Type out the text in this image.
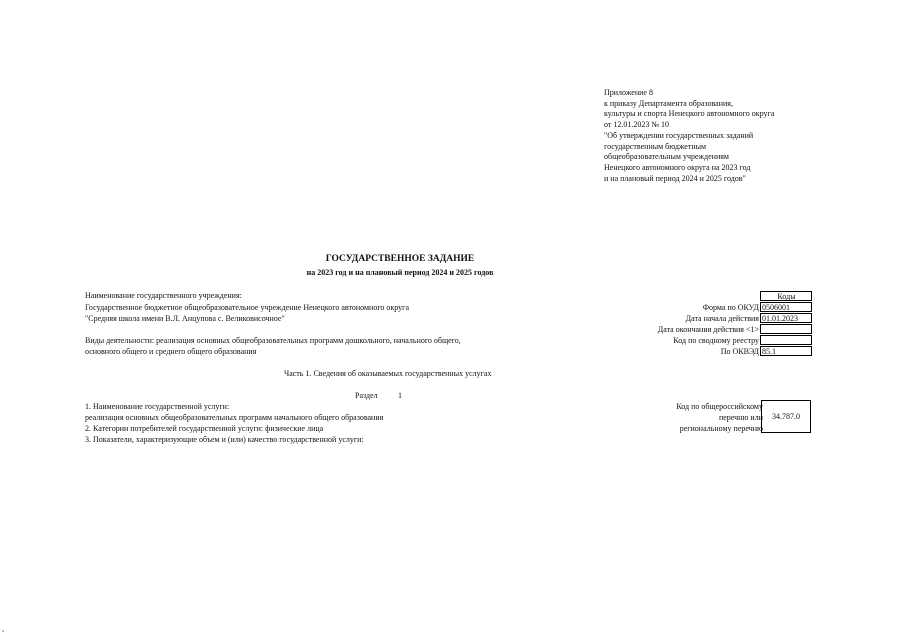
Приложение 8
к приказу Департамента образования,
культуры и спорта Ненецкого автономного округа
от 12.01.2023 № 10
"Об утверждении государственных заданий
государственным бюджетным
общеобразовательным учреждениям
Ненецкого автономного округа на 2023 год
и на плановый период 2024 и 2025 годов"
ГОСУДАРСТВЕННОЕ ЗАДАНИЕ
на 2023 год и на плановый период 2024 и 2025 годов
Наименование государственного учреждения:
Государственное бюджетное общеобразовательное учреждение Ненецкого автономного округа
"Средняя школа имени В.Л. Анцупова с. Великовисочное"
Виды деятельности: реализация основных общеобразовательных программ дошкольного, начального общего,
основного общего и среднего общего образования
Форма по ОКУД
Дата начала действия
Дата окончания действия <1>
Код по сводному реестру
По ОКВЭД
Коды
0506001
01.01.2023
85.1
Часть 1. Сведения об оказываемых государственных услугах
Раздел	1
1. Наименование государственной услуги:
реализация основных общеобразовательных программ начального общего образования
2. Категории потребителей государственной услуги: физические лица
3. Показатели, характеризующие объем и (или) качество государственной услуги:
Код по общероссийскому
перечню или
региональному перечню
34.787.0
